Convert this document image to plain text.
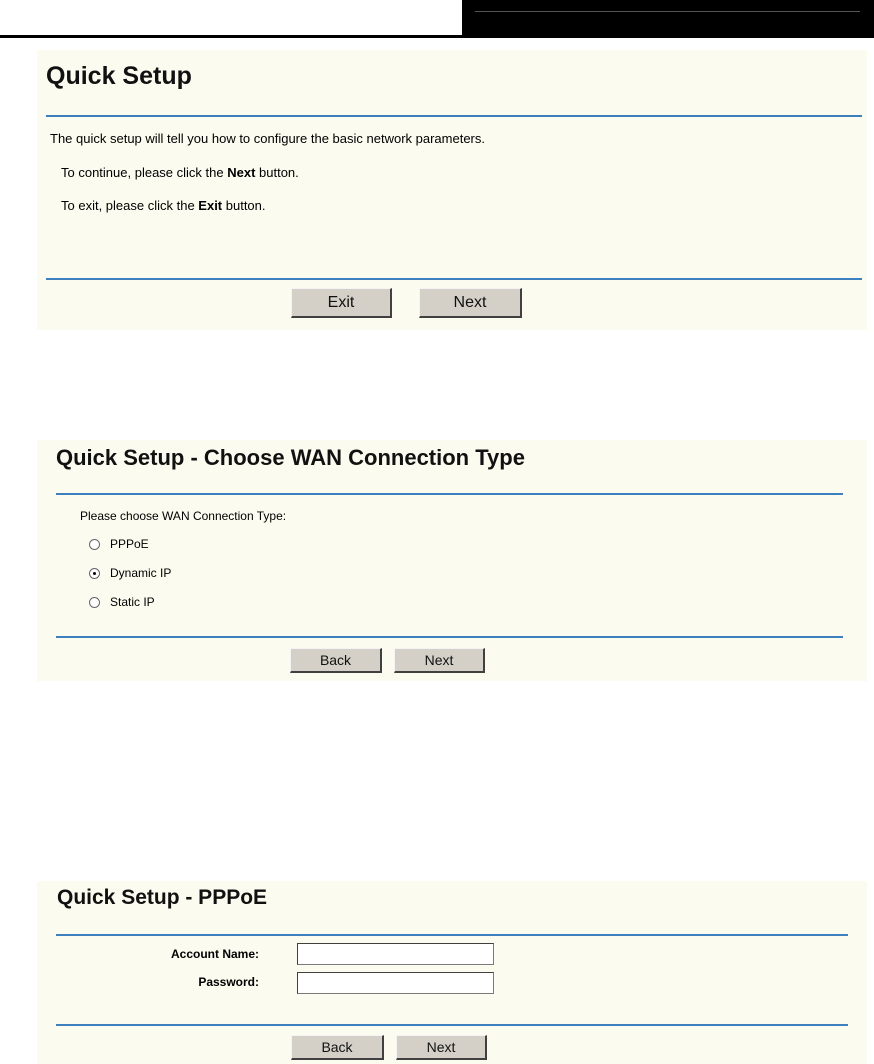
Quick Setup
The quick setup will tell you how to configure the basic network parameters.
To continue, please click the Next button.
To exit, please click the Exit button.
Exit	Next
Quick Setup - Choose WAN Connection Type
Please choose WAN Connection Type:
PPPoE
Dynamic IP
Static IP
Back	Next
Quick Setup - PPPoE
Account Name:
Password:
Back	Next
